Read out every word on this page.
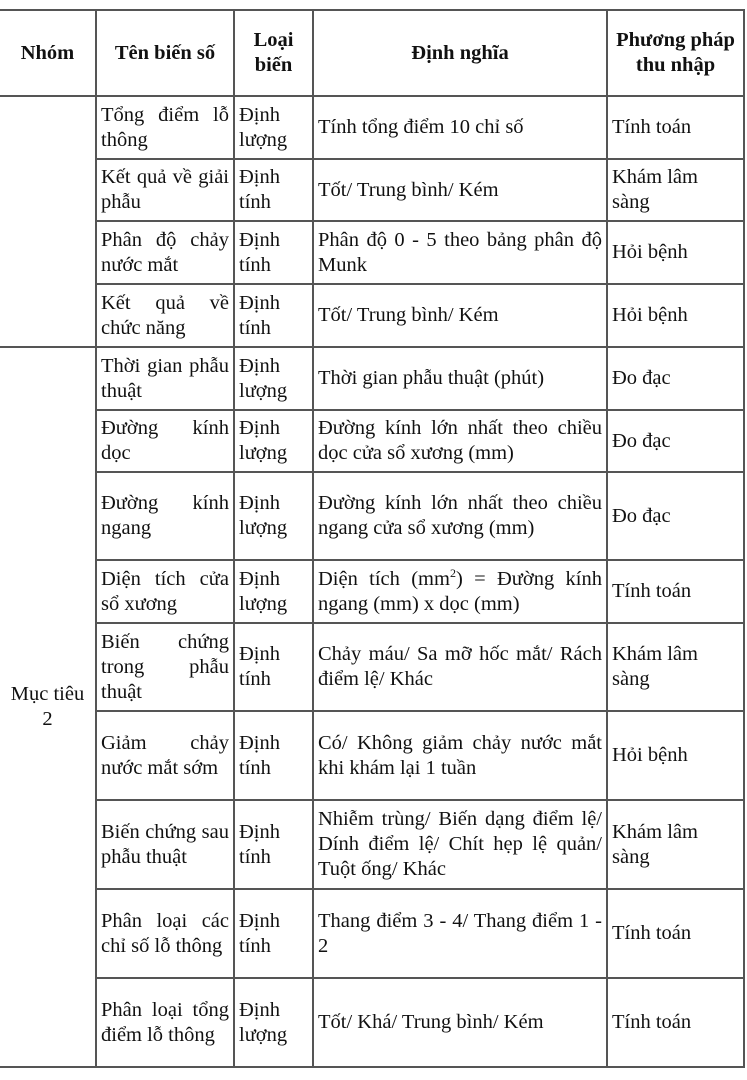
Nhóm	Tên biến số	Loại biến	Định nghĩa	Phương pháp thu nhập
	Tổng điểm lỗ thông	Định lượng	Tính tổng điểm 10 chỉ số	Tính toán
	Kết quả về giải phẫu	Định tính	Tốt/ Trung bình/ Kém	Khám lâm sàng
	Phân độ chảy nước mắt	Định tính	Phân độ 0 - 5 theo bảng phân độ Munk	Hỏi bệnh
	Kết quả về chức năng	Định tính	Tốt/ Trung bình/ Kém	Hỏi bệnh
Mục tiêu 2	Thời gian phẫu thuật	Định lượng	Thời gian phẫu thuật (phút)	Đo đạc
	Đường kính dọc	Định lượng	Đường kính lớn nhất theo chiều dọc cửa sổ xương (mm)	Đo đạc
	Đường kính ngang	Định lượng	Đường kính lớn nhất theo chiều ngang cửa sổ xương (mm)	Đo đạc
	Diện tích cửa sổ xương	Định lượng	Diện tích $(mm^2)$ = Đường kính ngang (mm) x dọc (mm)	Tính toán
	Biến chứng trong phẫu thuật	Định tính	Chảy máu/ Sa mỡ hốc mắt/ Rách điểm lệ/ Khác	Khám lâm sàng
	Giảm chảy nước mắt sớm	Định tính	Có/ Không giảm chảy nước mắt khi khám lại 1 tuần	Hỏi bệnh
	Biến chứng sau phẫu thuật	Định tính	Nhiễm trùng/ Biến dạng điểm lệ/ Dính điểm lệ/ Chít hẹp lệ quản/ Tuột ống/ Khác	Khám lâm sàng
	Phân loại các chỉ số lỗ thông	Định tính	Thang điểm 3 - 4/ Thang điểm 1 - 2	Tính toán
	Phân loại tổng điểm lỗ thông	Định lượng	Tốt/ Khá/ Trung bình/ Kém	Tính toán
